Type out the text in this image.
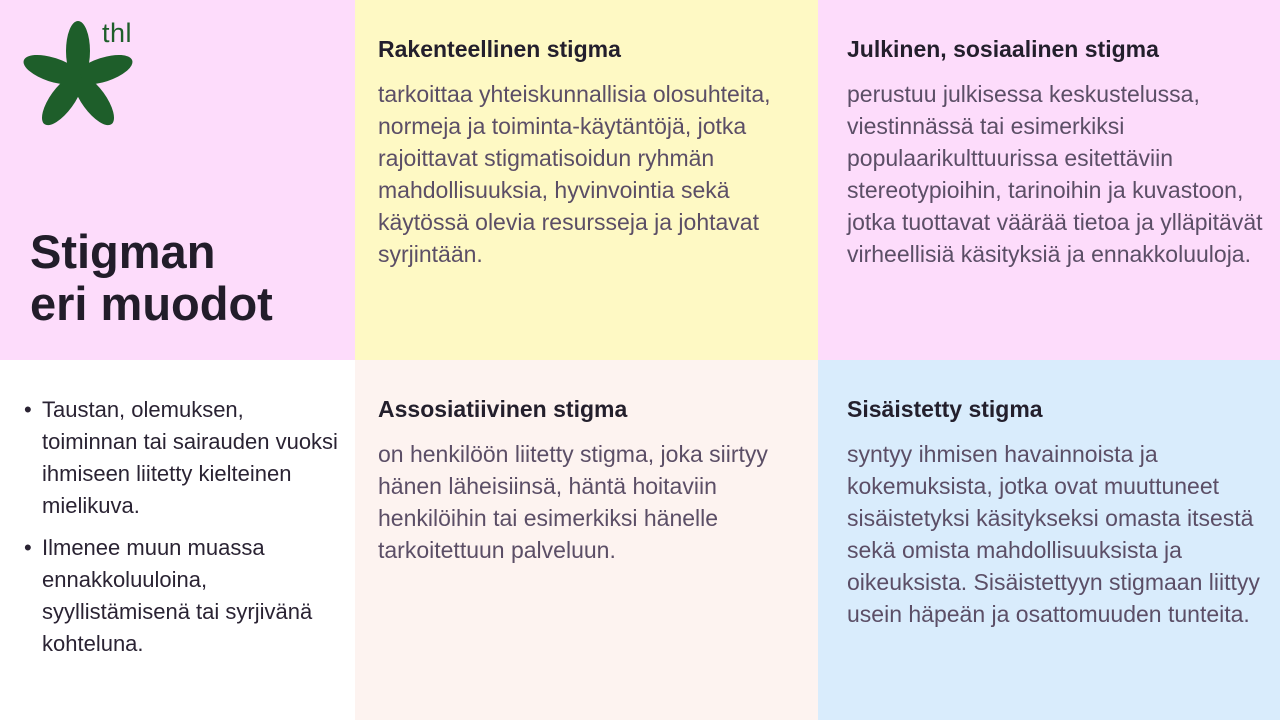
thl
Stigman
eri muodot
Rakenteellinen stigma

tarkoittaa yhteiskunnallisia olosuhteita, normeja ja toiminta-käytäntöjä, jotka rajoittavat stigmatisoidun ryhmän mahdollisuuksia, hyvinvointia sekä käytössä olevia resursseja ja johtavat syrjintään.

Julkinen, sosiaalinen stigma

perustuu julkisessa keskustelussa, viestinnässä tai esimerkiksi populaarikulttuurissa esitettäviin stereotypioihin, tarinoihin ja kuvastoon, jotka tuottavat väärää tietoa ja ylläpitävät virheellisiä käsityksiä ja ennakkoluuloja.

• Taustan, olemuksen, toiminnan tai sairauden vuoksi ihmiseen liitetty kielteinen mielikuva.
• Ilmenee muun muassa ennakkoluuloina, syyllistämisenä tai syrjivänä kohteluna.
Assosiatiivinen stigma

on henkilöön liitetty stigma, joka siirtyy hänen läheisiinsä, häntä hoitaviin henkilöihin tai esimerkiksi hänelle tarkoitettuun palveluun.

Sisäistetty stigma

syntyy ihmisen havainnoista ja kokemuksista, jotka ovat muuttuneet sisäistetyksi käsitykseksi omasta itsestä sekä omista mahdollisuuksista ja oikeuksista. Sisäistettyyn stigmaan liittyy usein häpeän ja osattomuuden tunteita.
